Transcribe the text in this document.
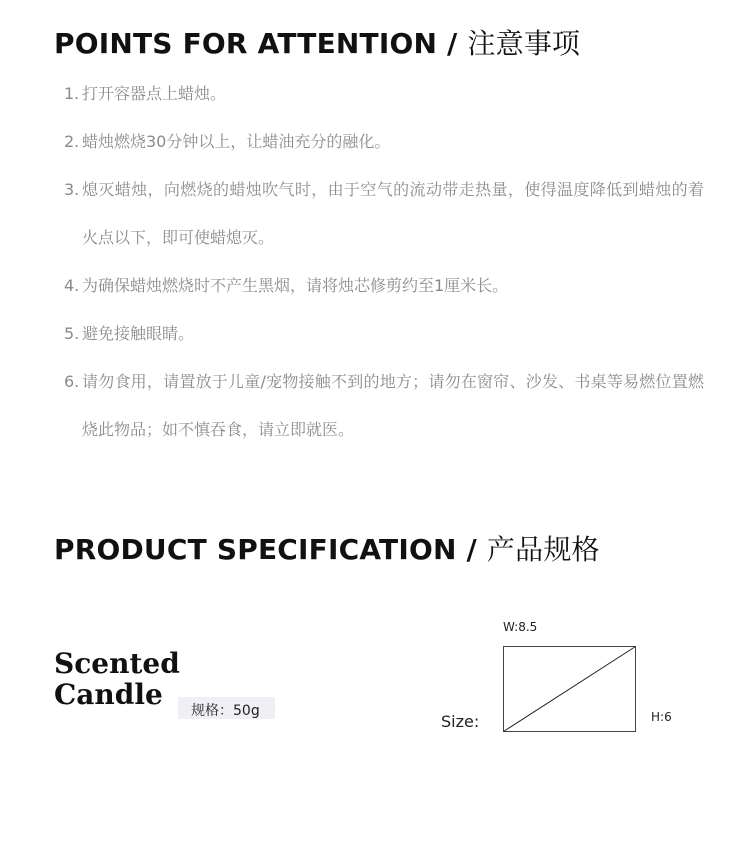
POINTS FOR ATTENTION / 注意事项
1. 打开容器点上蜡烛。
2. 蜡烛燃烧30分钟以上，让蜡油充分的融化。
3. 熄灭蜡烛，向燃烧的蜡烛吹气时，由于空气的流动带走热量，使得温度降低到蜡烛的着火点以下，即可使蜡熄灭。
4. 为确保蜡烛燃烧时不产生黑烟，请将烛芯修剪约至1厘米长。
5. 避免接触眼睛。
6. 请勿食用，请置放于儿童/宠物接触不到的地方；请勿在窗帘、沙发、书桌等易燃位置燃烧此物品；如不慎吞食，请立即就医。
PRODUCT SPECIFICATION / 产品规格
规格：50g
Scented
Candle
Size:
W:8.5
H:6
